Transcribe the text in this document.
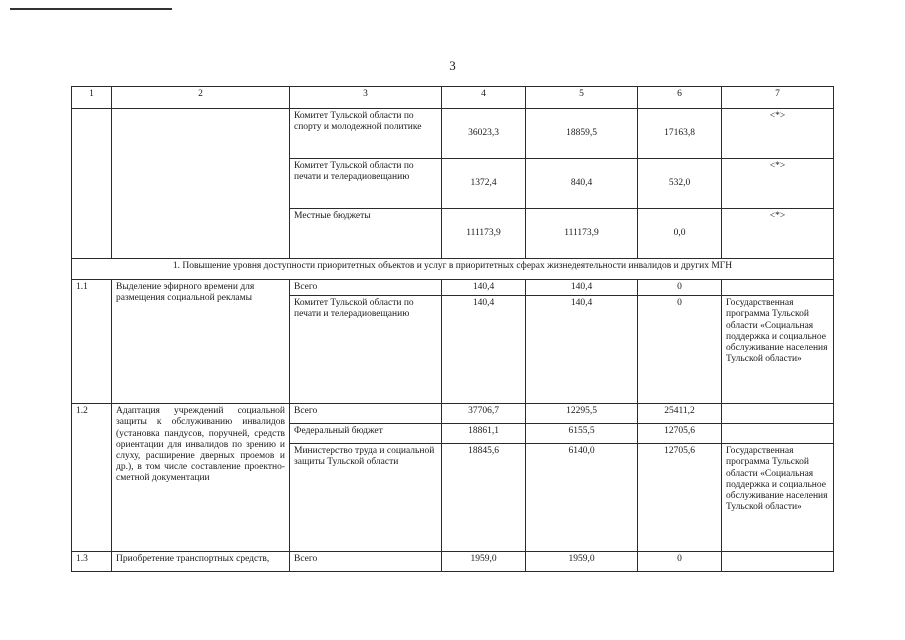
3
1	2	3	4	5	6	7
		Комитет Тульской области по спорту и молодежной политике	36023,3	18859,5	17163,8	<*>
		Комитет Тульской области по печати и телерадиовещанию	1372,4	840,4	532,0	<*>
		Местные бюджеты	111173,9	111173,9	0,0	<*>
1. Повышение уровня доступности приоритетных объектов и услуг в приоритетных сферах жизнедеятельности инвалидов и других МГН						
1.1	Выделение эфирного времени для размещения социальной рекламы	Всего	140,4	140,4	0	
		Комитет Тульской области по печати и телерадиовещанию	140,4	140,4	0	Государственная программа Тульской области «Социальная поддержка и социальное обслуживание населения Тульской области»
1.2	Адаптация учреждений социальной защиты к обслуживанию инвалидов (установка пандусов, поручней, средств ориентации для инвалидов по зрению и слуху, расширение дверных проемов и др.), в том числе составление проектно-сметной документации	Всего	37706,7	12295,5	25411,2	
		Федеральный бюджет	18861,1	6155,5	12705,6	
		Министерство труда и социальной защиты Тульской области	18845,6	6140,0	12705,6	Государственная программа Тульской области «Социальная поддержка и социальное обслуживание населения Тульской области»
1.3	Приобретение транспортных средств,	Всего	1959,0	1959,0	0	
